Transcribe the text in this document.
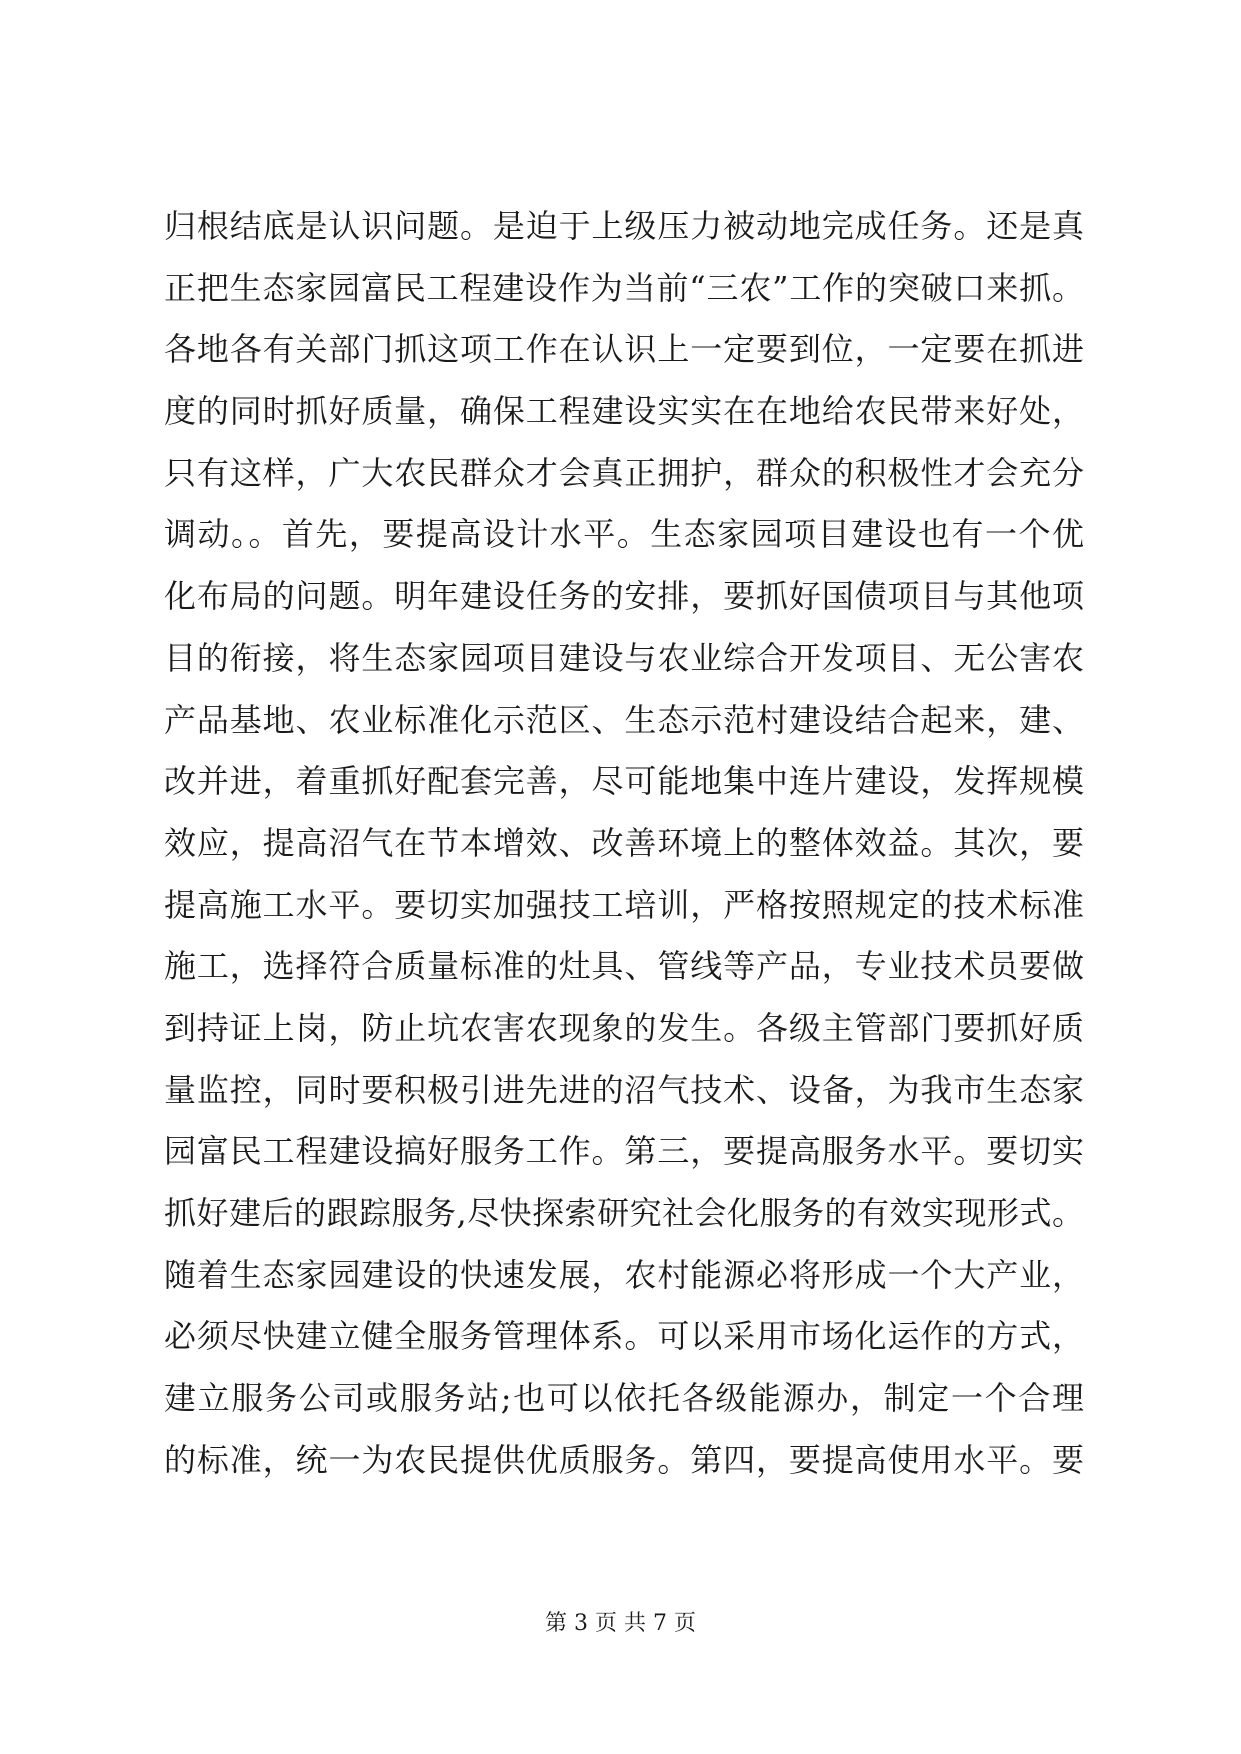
归根结底是认识问题。是迫于上级压力被动地完成任务。还是真
正把生态家园富民工程建设作为当前“三农”工作的突破口来抓。
各地各有关部门抓这项工作在认识上一定要到位，一定要在抓进
度的同时抓好质量，确保工程建设实实在在地给农民带来好处，
只有这样，广大农民群众才会真正拥护，群众的积极性才会充分
调动。。首先，要提高设计水平。生态家园项目建设也有一个优
化布局的问题。明年建设任务的安排，要抓好国债项目与其他项
目的衔接，将生态家园项目建设与农业综合开发项目、无公害农
产品基地、农业标准化示范区、生态示范村建设结合起来，建、
改并进，着重抓好配套完善，尽可能地集中连片建设，发挥规模
效应，提高沼气在节本增效、改善环境上的整体效益。其次，要
提高施工水平。要切实加强技工培训，严格按照规定的技术标准
施工，选择符合质量标准的灶具、管线等产品，专业技术员要做
到持证上岗，防止坑农害农现象的发生。各级主管部门要抓好质
量监控，同时要积极引进先进的沼气技术、设备，为我市生态家
园富民工程建设搞好服务工作。第三，要提高服务水平。要切实
抓好建后的跟踪服务,尽快探索研究社会化服务的有效实现形式。
随着生态家园建设的快速发展，农村能源必将形成一个大产业，
必须尽快建立健全服务管理体系。可以采用市场化运作的方式，
建立服务公司或服务站;也可以依托各级能源办，制定一个合理
的标准，统一为农民提供优质服务。第四，要提高使用水平。要
第 3 页 共 7 页
